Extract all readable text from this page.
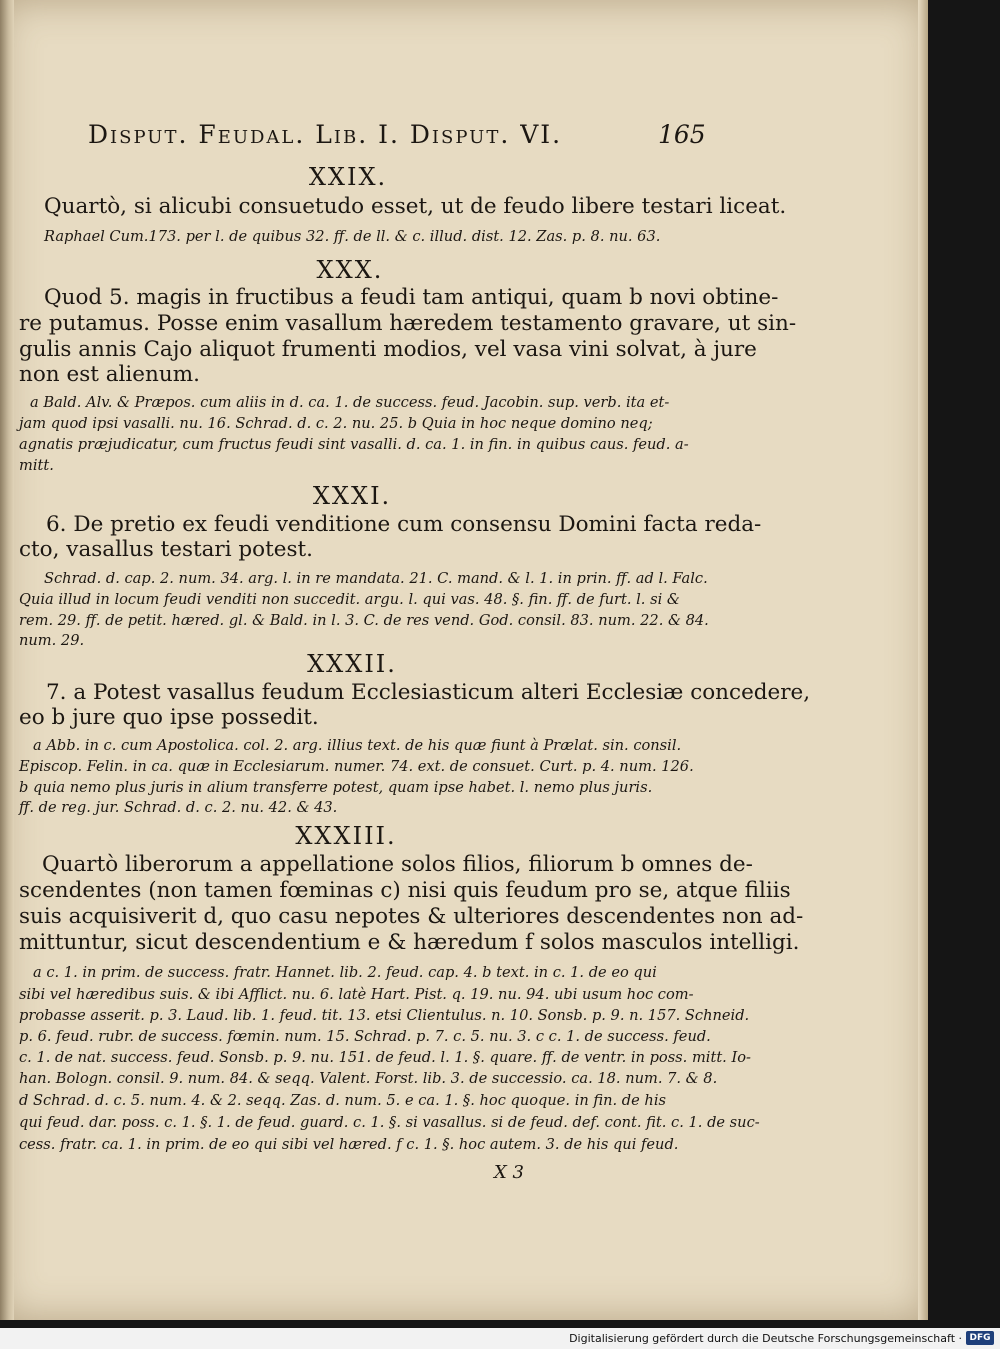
Disput. Feudal. Lib. I. Disput. VI.	165
XXIX.
Quartò, si alicubi consuetudo esset, ut de feudo libere testari liceat.
Raphael Cum.173. per l. de quibus 32. ff. de ll. & c. illud. dist. 12. Zas. p. 8. nu. 63.
XXX.
Quod 5. magis in fructibus a feudi tam antiqui, quam b novi obtine-
re putamus. Posse enim vasallum hæredem testamento gravare, ut sin-
gulis annis Cajo aliquot frumenti modios, vel vasa vini solvat, à jure
non est alienum.
a Bald. Alv. & Præpos. cum aliis in d. ca. 1. de success. feud. Jacobin. sup. verb. ita et-
jam quod ipsi vasalli. nu. 16. Schrad. d. c. 2. nu. 25. b Quia in hoc neque domino neq;
agnatis præjudicatur, cum fructus feudi sint vasalli. d. ca. 1. in fin. in quibus caus. feud. a-
mitt.
XXXI.
6. De pretio ex feudi venditione cum consensu Domini facta reda-
cto, vasallus testari potest.
Schrad. d. cap. 2. num. 34. arg. l. in re mandata. 21. C. mand. & l. 1. in prin. ff. ad l. Falc.
Quia illud in locum feudi venditi non succedit. argu. l. qui vas. 48. §. fin. ff. de furt. l. si &
rem. 29. ff. de petit. hæred. gl. & Bald. in l. 3. C. de res vend. God. consil. 83. num. 22. & 84.
num. 29.
XXXII.
7. a Potest vasallus feudum Ecclesiasticum alteri Ecclesiæ concedere,
eo b jure quo ipse possedit.
a Abb. in c. cum Apostolica. col. 2. arg. illius text. de his quæ fiunt à Prælat. sin. consil.
Episcop. Felin. in ca. quæ in Ecclesiarum. numer. 74. ext. de consuet. Curt. p. 4. num. 126.
b quia nemo plus juris in alium transferre potest, quam ipse habet. l. nemo plus juris.
ff. de reg. jur. Schrad. d. c. 2. nu. 42. & 43.
XXXIII.
Quartò liberorum a appellatione solos filios, filiorum b omnes de-
scendentes (non tamen fœminas c) nisi quis feudum pro se, atque filiis
suis acquisiverit d, quo casu nepotes & ulteriores descendentes non ad-
mittuntur, sicut descendentium e & hæredum f solos masculos intelligi.
a c. 1. in prim. de success. fratr. Hannet. lib. 2. feud. cap. 4. b text. in c. 1. de eo qui
sibi vel hæredibus suis. & ibi Afflict. nu. 6. latè Hart. Pist. q. 19. nu. 94. ubi usum hoc com-
probasse asserit. p. 3. Laud. lib. 1. feud. tit. 13. etsi Clientulus. n. 10. Sonsb. p. 9. n. 157. Schneid.
p. 6. feud. rubr. de success. fœmin. num. 15. Schrad. p. 7. c. 5. nu. 3. c c. 1. de success. feud.
c. 1. de nat. success. feud. Sonsb. p. 9. nu. 151. de feud. l. 1. §. quare. ff. de ventr. in poss. mitt. Io-
han. Bologn. consil. 9. num. 84. & seqq. Valent. Forst. lib. 3. de successio. ca. 18. num. 7. & 8.
d Schrad. d. c. 5. num. 4. & 2. seqq. Zas. d. num. 5. e ca. 1. §. hoc quoque. in fin. de his
qui feud. dar. poss. c. 1. §. 1. de feud. guard. c. 1. §. si vasallus. si de feud. def. cont. fit. c. 1. de suc-
cess. fratr. ca. 1. in prim. de eo qui sibi vel hæred. f c. 1. §. hoc autem. 3. de his qui feud.
X 3
Digitalisierung gefördert durch die Deutsche Forschungsgemeinschaft · DFG
